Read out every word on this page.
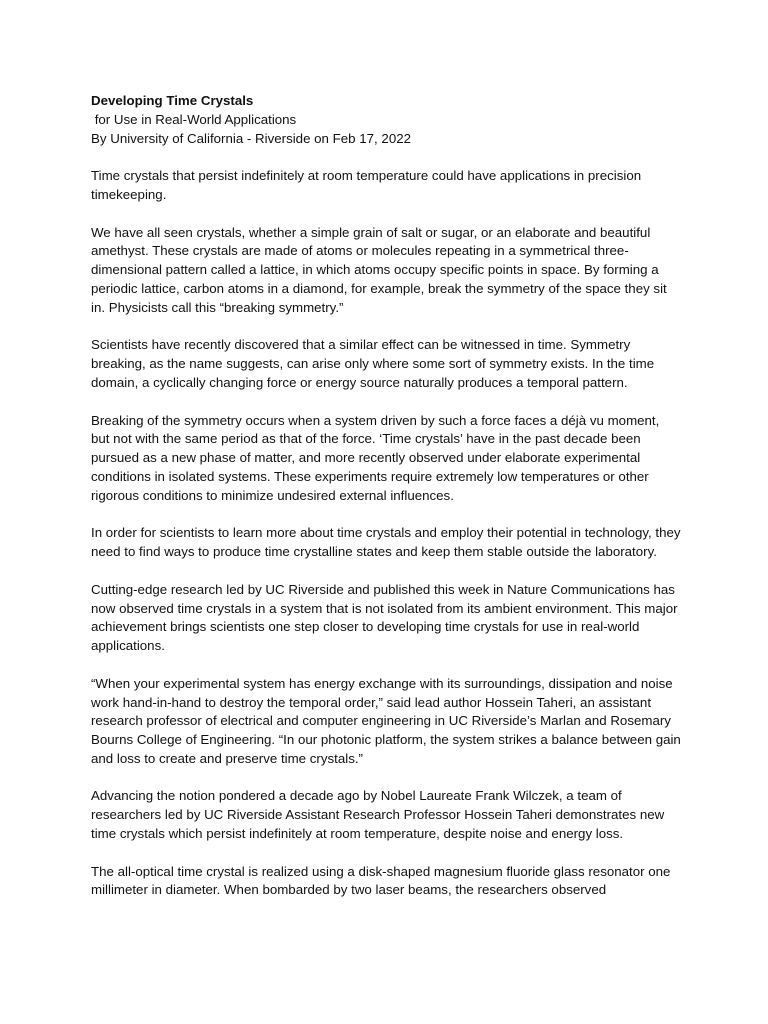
Developing Time Crystals
for Use in Real-World Applications
By University of California - Riverside on Feb 17, 2022

Time crystals that persist indefinitely at room temperature could have applications in precision timekeeping.

We have all seen crystals, whether a simple grain of salt or sugar, or an elaborate and beautiful amethyst. These crystals are made of atoms or molecules repeating in a symmetrical three-dimensional pattern called a lattice, in which atoms occupy specific points in space. By forming a periodic lattice, carbon atoms in a diamond, for example, break the symmetry of the space they sit in. Physicists call this “breaking symmetry.”

Scientists have recently discovered that a similar effect can be witnessed in time. Symmetry breaking, as the name suggests, can arise only where some sort of symmetry exists. In the time domain, a cyclically changing force or energy source naturally produces a temporal pattern.

Breaking of the symmetry occurs when a system driven by such a force faces a déjà vu moment, but not with the same period as that of the force. ‘Time crystals’ have in the past decade been pursued as a new phase of matter, and more recently observed under elaborate experimental conditions in isolated systems. These experiments require extremely low temperatures or other rigorous conditions to minimize undesired external influences.

In order for scientists to learn more about time crystals and employ their potential in technology, they need to find ways to produce time crystalline states and keep them stable outside the laboratory.

Cutting-edge research led by UC Riverside and published this week in Nature Communications has now observed time crystals in a system that is not isolated from its ambient environment. This major achievement brings scientists one step closer to developing time crystals for use in real-world applications.

“When your experimental system has energy exchange with its surroundings, dissipation and noise work hand-in-hand to destroy the temporal order,” said lead author Hossein Taheri, an assistant research professor of electrical and computer engineering in UC Riverside’s Marlan and Rosemary Bourns College of Engineering. “In our photonic platform, the system strikes a balance between gain and loss to create and preserve time crystals.”

Advancing the notion pondered a decade ago by Nobel Laureate Frank Wilczek, a team of researchers led by UC Riverside Assistant Research Professor Hossein Taheri demonstrates new time crystals which persist indefinitely at room temperature, despite noise and energy loss.

The all-optical time crystal is realized using a disk-shaped magnesium fluoride glass resonator one millimeter in diameter. When bombarded by two laser beams, the researchers observed
